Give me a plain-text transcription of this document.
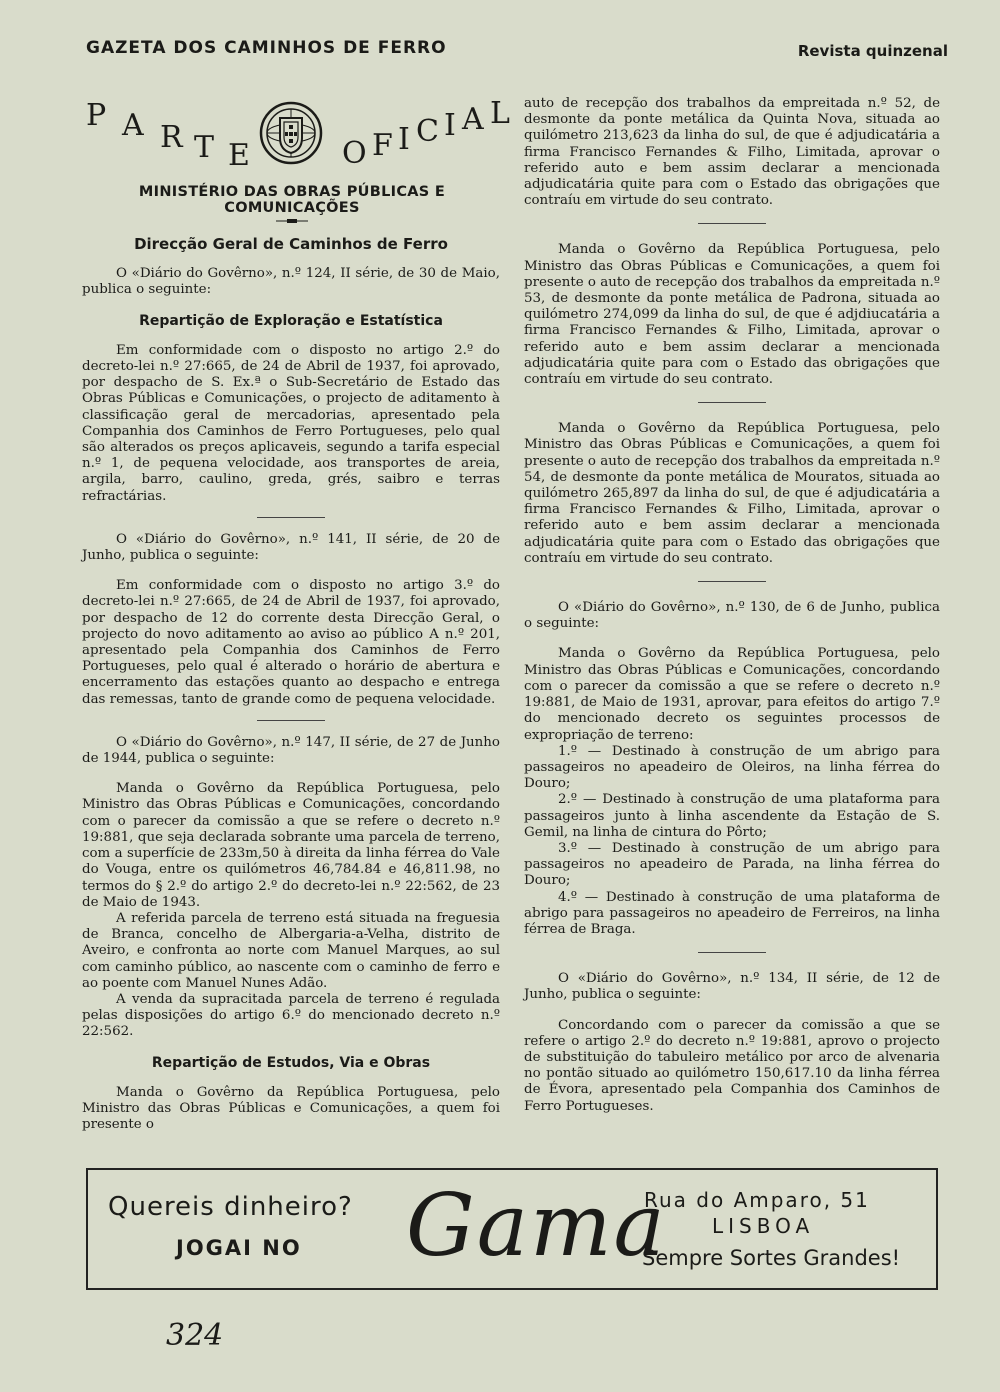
GAZETA DOS CAMINHOS DE FERRO	Revista quinzenal
P A R T E	O F I C I A L
MINISTÉRIO DAS OBRAS PÚBLICAS E COMUNICAÇÕES
Direcção Geral de Caminhos de Ferro

O «Diário do Govêrno», n.º 124, II série, de 30 de Maio, publica o seguinte:

Repartição de Exploração e Estatística

Em conformidade com o disposto no artigo 2.º do decreto-lei n.º 27:665, de 24 de Abril de 1937, foi aprovado, por despacho de S. Ex.ª o Sub-Secretário de Estado das Obras Públicas e Comunicações, o projecto de aditamento à classificação geral de mercadorias, apresentado pela Companhia dos Caminhos de Ferro Portugueses, pelo qual são alterados os preços aplicaveis, segundo a tarifa especial n.º 1, de pequena velocidade, aos transportes de areia, argila, barro, caulino, greda, grés, saibro e terras refractárias.

O «Diário do Govêrno», n.º 141, II série, de 20 de Junho, publica o seguinte:

Em conformidade com o disposto no artigo 3.º do decreto-lei n.º 27:665, de 24 de Abril de 1937, foi aprovado, por despacho de 12 do corrente desta Direcção Geral, o projecto do novo aditamento ao aviso ao público A n.º 201, apresentado pela Companhia dos Caminhos de Ferro Portugueses, pelo qual é alterado o horário de abertura e encerramento das estações quanto ao despacho e entrega das remessas, tanto de grande como de pequena velocidade.

O «Diário do Govêrno», n.º 147, II série, de 27 de Junho de 1944, publica o seguinte:

Manda o Govêrno da República Portuguesa, pelo Ministro das Obras Públicas e Comunicações, concordando com o parecer da comissão a que se refere o decreto n.º 19:881, que seja declarada sobrante uma parcela de terreno, com a superfície de 233m,50 à direita da linha férrea do Vale do Vouga, entre os quilómetros 46,784.84 e 46,811.98, no termos do § 2.º do artigo 2.º do decreto-lei n.º 22:562, de 23 de Maio de 1943.

A referida parcela de terreno está situada na freguesia de Branca, concelho de Albergaria-a-Velha, distrito de Aveiro, e confronta ao norte com Manuel Marques, ao sul com caminho público, ao nascente com o caminho de ferro e ao poente com Manuel Nunes Adão.

A venda da supracitada parcela de terreno é regulada pelas disposições do artigo 6.º do mencionado decreto n.º 22:562.

Repartição de Estudos, Via e Obras

Manda o Govêrno da República Portuguesa, pelo Ministro das Obras Públicas e Comunicações, a quem foi presente o

auto de recepção dos trabalhos da empreitada n.º 52, de desmonte da ponte metálica da Quinta Nova, situada ao quilómetro 213,623 da linha do sul, de que é adjudicatária a firma Francisco Fernandes & Filho, Limitada, aprovar o referido auto e bem assim declarar a mencionada adjudicatária quite para com o Estado das obrigações que contraíu em virtude do seu contrato.

Manda o Govêrno da República Portuguesa, pelo Ministro das Obras Públicas e Comunicações, a quem foi presente o auto de recepção dos trabalhos da empreitada n.º 53, de desmonte da ponte metálica de Padrona, situada ao quilómetro 274,099 da linha do sul, de que é adjdiucatária a firma Francisco Fernandes & Filho, Limitada, aprovar o referido auto e bem assim declarar a mencionada adjudicatária quite para com o Estado das obrigações que contraíu em virtude do seu contrato.

Manda o Govêrno da República Portuguesa, pelo Ministro das Obras Públicas e Comunicações, a quem foi presente o auto de recepção dos trabalhos da empreitada n.º 54, de desmonte da ponte metálica de Mouratos, situada ao quilómetro 265,897 da linha do sul, de que é adjudicatária a firma Francisco Fernandes & Filho, Limitada, aprovar o referido auto e bem assim declarar a mencionada adjudicatária quite para com o Estado das obrigações que contraíu em virtude do seu contrato.

O «Diário do Govêrno», n.º 130, de 6 de Junho, publica o seguinte:

Manda o Govêrno da República Portuguesa, pelo Ministro das Obras Públicas e Comunicações, concordando com o parecer da comissão a que se refere o decreto n.º 19:881, de Maio de 1931, aprovar, para efeitos do artigo 7.º do mencionado decreto os seguintes processos de expropriação de terreno:

1.º — Destinado à construção de um abrigo para passageiros no apeadeiro de Oleiros, na linha férrea do Douro;

2.º — Destinado à construção de uma plataforma para passageiros junto à linha ascendente da Estação de S. Gemil, na linha de cintura do Pôrto;

3.º — Destinado à construção de um abrigo para passageiros no apeadeiro de Parada, na linha férrea do Douro;

4.º — Destinado à construção de uma plataforma de abrigo para passageiros no apeadeiro de Ferreiros, na linha férrea de Braga.

O «Diário do Govêrno», n.º 134, II série, de 12 de Junho, publica o seguinte:

Concordando com o parecer da comissão a que se refere o artigo 2.º do decreto n.º 19:881, aprovo o projecto de substituição do tabuleiro metálico por arco de alvenaria no pontão situado ao quilómetro 150,617.10 da linha férrea de Évora, apresentado pela Companhia dos Caminhos de Ferro Portugueses.

Quereis dinheiro?
JOGAI NO Gama
Rua do Amparo, 51
LISBOA
Sempre Sortes Grandes!
324
